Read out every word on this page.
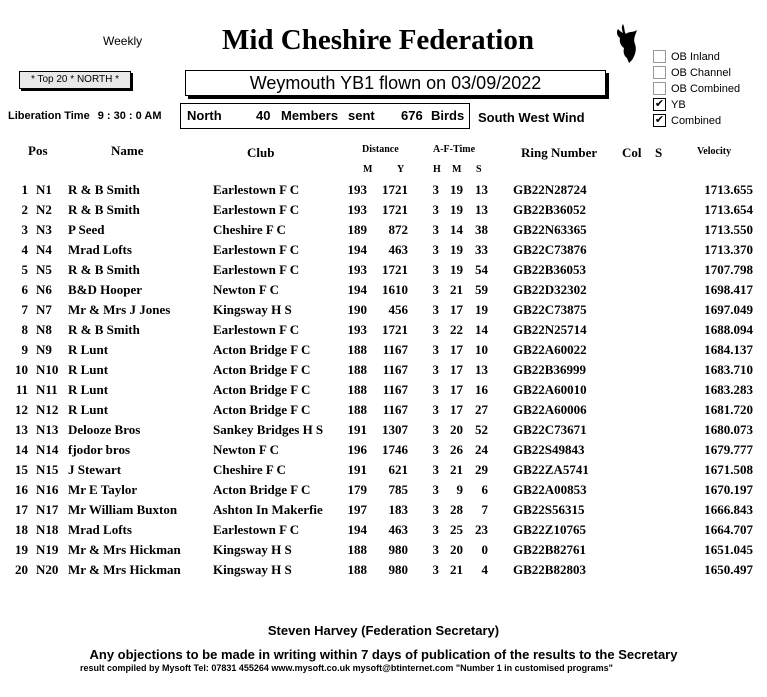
Weekly	Mid Cheshire Federation
* Top 20 * NORTH *	Weymouth YB1 flown on 03/09/2022
Liberation Time 9 : 30 : 0 AM North	40 Members sent 676 Birds South West Wind
OB Inland
OB Channel
OB Combined
✔ YB
✔ Combined
Pos	Name	Club	Distance
M Y
A-F-Time
H M S
Ring Number Col S	Velocity
1 N1	R & B Smith	Earlestown F C	193	1721	3 19 13 GB22N28724	1713.655
2 N2	R & B Smith	Earlestown F C	193	1721	3 19 13 GB22B36052	1713.654
3 N3	P Seed	Cheshire F C	189	872	3 14 38 GB22N63365	1713.550
4 N4	Mrad Lofts	Earlestown F C	194	463	3 19 33 GB22C73876	1713.370
5 N5	R & B Smith	Earlestown F C	193	1721	3 19 54 GB22B36053	1707.798
6 N6	B&D Hooper	Newton F C	194	1610	3 21 59 GB22D32302	1698.417
7 N7	Mr & Mrs J Jones	Kingsway H S	190	456	3 17 19 GB22C73875	1697.049
8 N8	R & B Smith	Earlestown F C	193	1721	3 22 14 GB22N25714	1688.094
9 N9	R Lunt	Acton Bridge F C	188	1167	3 17 10 GB22A60022	1684.137
10 N10 R Lunt	Acton Bridge F C	188	1167	3 17 13 GB22B36999	1683.710
11 N11 R Lunt	Acton Bridge F C	188	1167	3 17 16 GB22A60010	1683.283
12 N12 R Lunt	Acton Bridge F C	188	1167	3 17 27 GB22A60006	1681.720
13 N13 Delooze Bros	Sankey Bridges H S	191	1307	3 20 52 GB22C73671	1680.073
14 N14 fjodor bros	Newton F C	196	1746	3 26 24 GB22S49843	1679.777
15 N15 J Stewart	Cheshire F C	191	621	3 21 29 GB22ZA5741	1671.508
16 N16 Mr E Taylor	Acton Bridge F C	179	785	3	9	6 GB22A00853	1670.197
17 N17 Mr William Buxton	Ashton In Makerfie	197	183	3 28	7 GB22S56315	1666.843
18 N18 Mrad Lofts	Earlestown F C	194	463	3 25 23 GB22Z10765	1664.707
19 N19 Mr & Mrs Hickman	Kingsway H S	188	980	3 20	0 GB22B82761	1651.045
20 N20 Mr & Mrs Hickman	Kingsway H S	188	980	3 21	4 GB22B82803	1650.497
Steven Harvey (Federation Secretary)
Any objections to be made in writing within 7 days of publication of the results to the Secretary
result compiled by Mysoft Tel: 07831 455264 www.mysoft.co.uk mysoft@btinternet.com "Number 1 in customised programs"
